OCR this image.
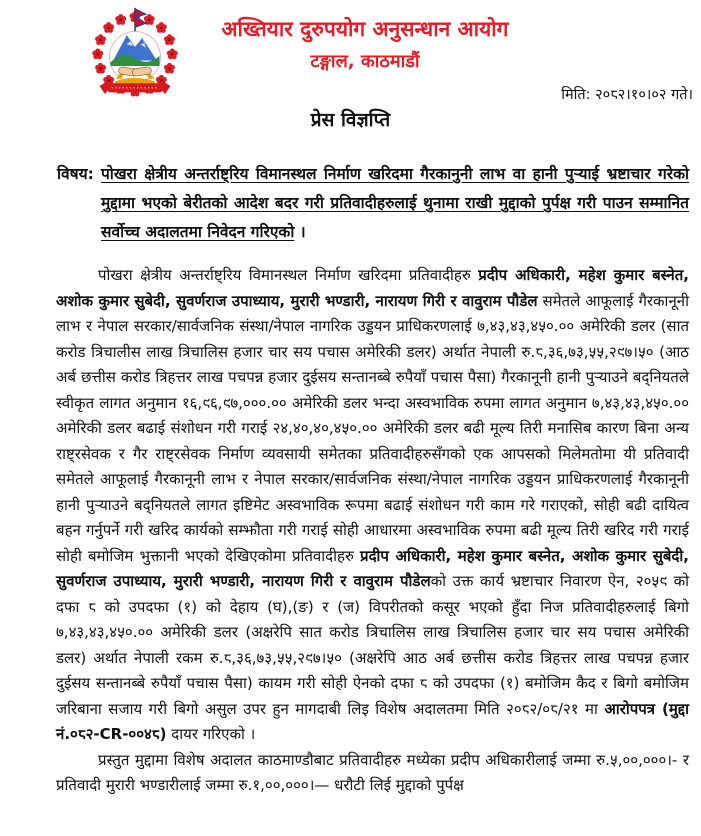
अख्तियार दुरुपयोग अनुसन्धान आयोग
टङ्गाल, काठमाडौं
मिति: २०८२।१०।०२ गते।
प्रेस विज्ञप्ति
विषय: पोखरा क्षेत्रीय अन्तर्राष्ट्रिय विमानस्थल निर्माण खरिदमा गैरकानुनी लाभ वा हानी पुऱ्याई भ्रष्टाचार गरेको मुद्दामा भएको बेरीतको आदेश बदर गरी प्रतिवादीहरुलाई थुनामा राखी मुद्दाको पुर्पक्ष गरी पाउन सम्मानित सर्वोच्च अदालतमा निवेदन गरिएको ।

पोखरा क्षेत्रीय अन्तर्राष्ट्रिय विमानस्थल निर्माण खरिदमा प्रतिवादीहरु प्रदीप अधिकारी, महेश कुमार बस्नेत, अशोक कुमार सुबेदी, सुवर्णराज उपाध्याय, मुरारी भण्डारी, नारायण गिरी र वावुराम पौडेल समेतले आफूलाई गैरकानूनी लाभ र नेपाल सरकार/सार्वजनिक संस्था/नेपाल नागरिक उड्डयन प्राधिकरणलाई ७,४३,४३,४५०.०० अमेरिकी डलर (सात करोड त्रिचालीस लाख त्रिचालिस हजार चार सय पचास अमेरिकी डलर) अर्थात नेपाली रु.८,३६,७३,५५,२९७।५० (आठ अर्ब छत्तीस करोड त्रिहत्तर लाख पचपन्न हजार दुईसय सन्तानब्बे रुपैयाँ पचास पैसा) गैरकानूनी हानी पुऱ्याउने बद्नियतले स्वीकृत लागत अनुमान १६,९६,९७,०००.०० अमेरिकी डलर भन्दा अस्वभाविक रुपमा लागत अनुमान ७,४३,४३,४५०.०० अमेरिकी डलर बढाई संशोधन गरी गराई २४,४०,४०,४५०.०० अमेरिकी डलर बढी मूल्य तिरी मनासिब कारण बिना अन्य राष्ट्रसेवक र गैर राष्ट्रसेवक निर्माण व्यवसायी समेतका प्रतिवादीहरुसँगको एक आपसको मिलेमतोमा यी प्रतिवादी समेतले आफूलाई गैरकानूनी लाभ र नेपाल सरकार/सार्वजनिक संस्था/नेपाल नागरिक उड्डयन प्राधिकरणलाई गैरकानूनी हानी पुऱ्याउने बद्नियतले लागत इष्टिमेट अस्वभाविक रूपमा बढाई संशोधन गरी काम गरे गराएको, सोही बढी दायित्व बहन गर्नुपर्ने गरी खरिद कार्यको सम्झौता गरी गराई सोही आधारमा अस्वभाविक रुपमा बढी मूल्य तिरी खरिद गरी गराई सोही बमोजिम भुक्तानी भएको देखिएकोमा प्रतिवादीहरु प्रदीप अधिकारी, महेश कुमार बस्नेत, अशोक कुमार सुबेदी, सुवर्णराज उपाध्याय, मुरारी भण्डारी, नारायण गिरी र वावुराम पौडेलको उक्त कार्य भ्रष्टाचार निवारण ऐन, २०५९ को दफा ८ को उपदफा (१) को देहाय (घ),(ङ) र (ज) विपरीतको कसूर भएको हुँदा निज प्रतिवादीहरुलाई बिगो ७,४३,४३,४५०.०० अमेरिकी डलर (अक्षरेपि सात करोड त्रिचालिस लाख त्रिचालिस हजार चार सय पचास अमेरिकी डलर) अर्थात नेपाली रकम रु.८,३६,७३,५५,२९७।५० (अक्षरेपि आठ अर्ब छत्तीस करोड त्रिहत्तर लाख पचपन्न हजार दुईसय सन्तानब्बे रुपैयाँ पचास पैसा) कायम गरी सोही ऐनको दफा ८ को उपदफा (१) बमोजिम कैद र बिगो बमोजिम जरिबाना सजाय गरी बिगो असुल उपर हुन मागदाबी लिइ विशेष अदालतमा मिति २०८२/०८/२१ मा आरोपपत्र (मुद्दा नं.०८२-CR-००४८) दायर गरिएको ।

प्रस्तुत मुद्दामा विशेष अदालत काठमाण्डौबाट प्रतिवादीहरु मध्येका प्रदीप अधिकारीलाई जम्मा रु.५,००,०००।- र प्रतिवादी मुरारी भण्डारीलाई जम्मा रु.१,००,०००।— धरौटी लिई मुद्दाको पुर्पक्ष
